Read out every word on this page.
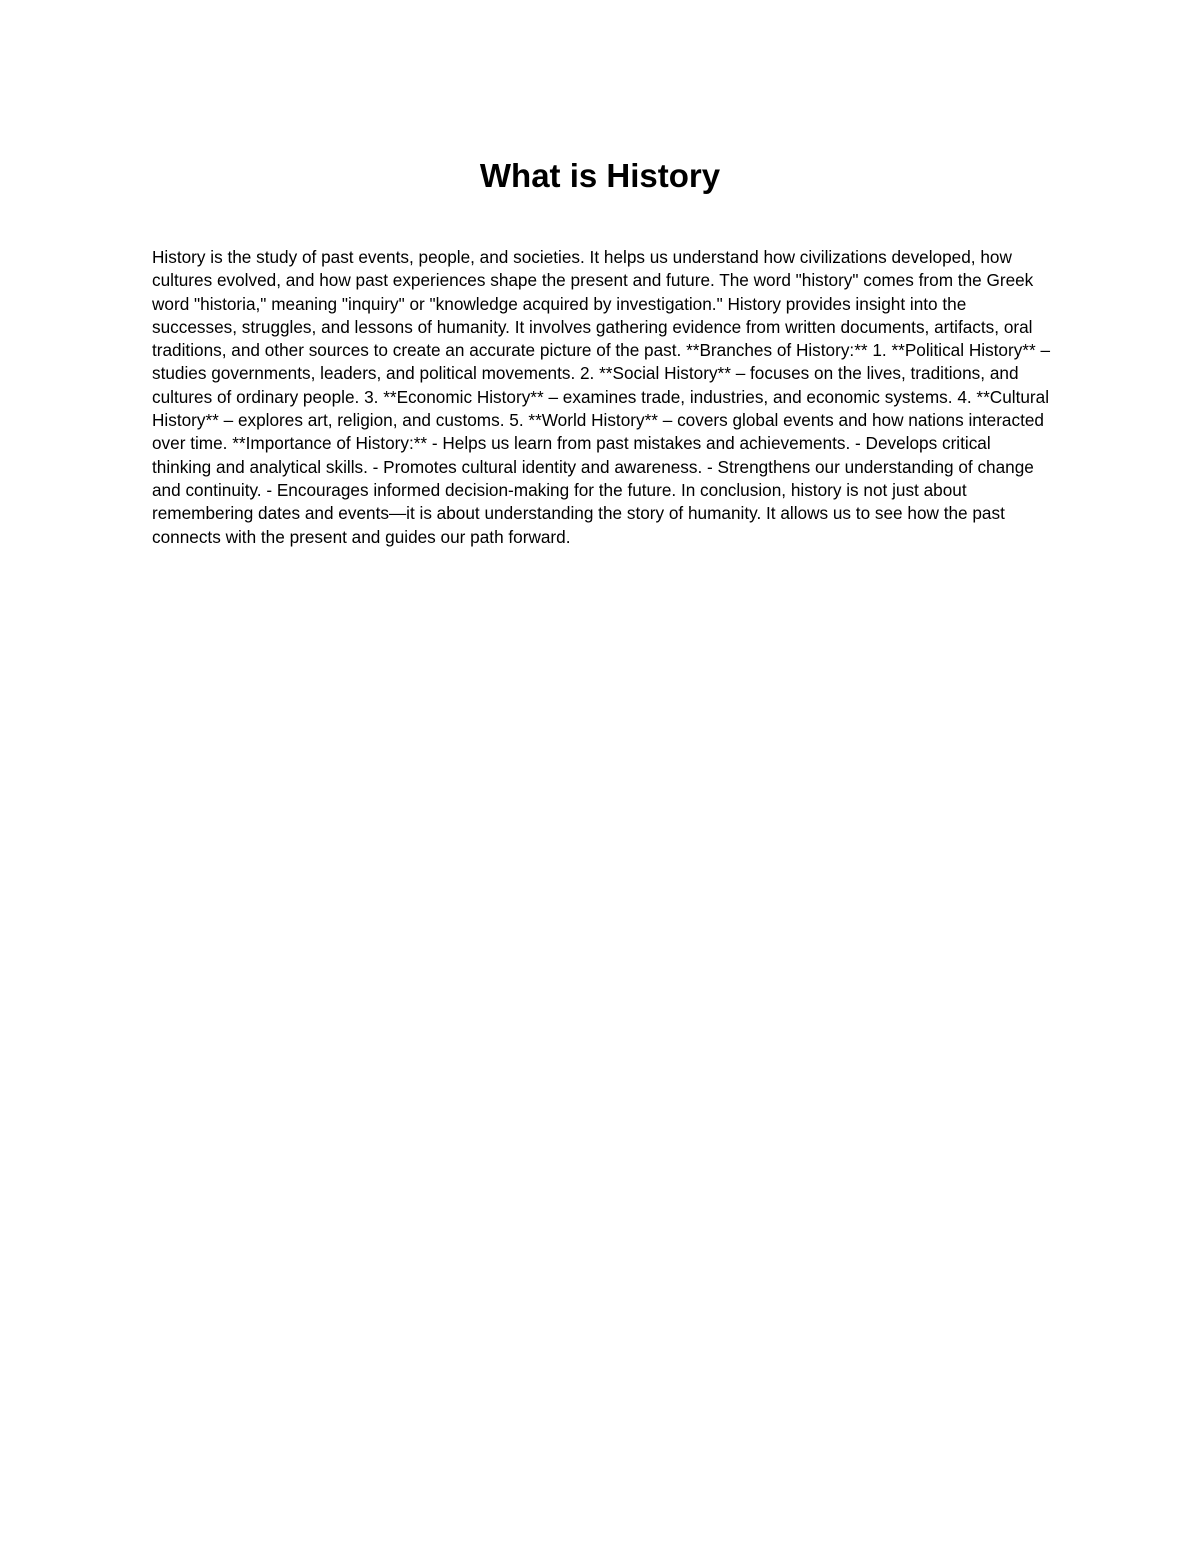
What is History

History is the study of past events, people, and societies. It helps us understand how civilizations developed, how cultures evolved, and how past experiences shape the present and future. The word "history" comes from the Greek word "historia," meaning "inquiry" or "knowledge acquired by investigation." History provides insight into the successes, struggles, and lessons of humanity. It involves gathering evidence from written documents, artifacts, oral traditions, and other sources to create an accurate picture of the past. **Branches of History:** 1. **Political History** – studies governments, leaders, and political movements. 2. **Social History** – focuses on the lives, traditions, and cultures of ordinary people. 3. **Economic History** – examines trade, industries, and economic systems. 4. **Cultural History** – explores art, religion, and customs. 5. **World History** – covers global events and how nations interacted over time. **Importance of History:** - Helps us learn from past mistakes and achievements. - Develops critical thinking and analytical skills. - Promotes cultural identity and awareness. - Strengthens our understanding of change and continuity. - Encourages informed decision-making for the future. In conclusion, history is not just about remembering dates and events—it is about understanding the story of humanity. It allows us to see how the past connects with the present and guides our path forward.
